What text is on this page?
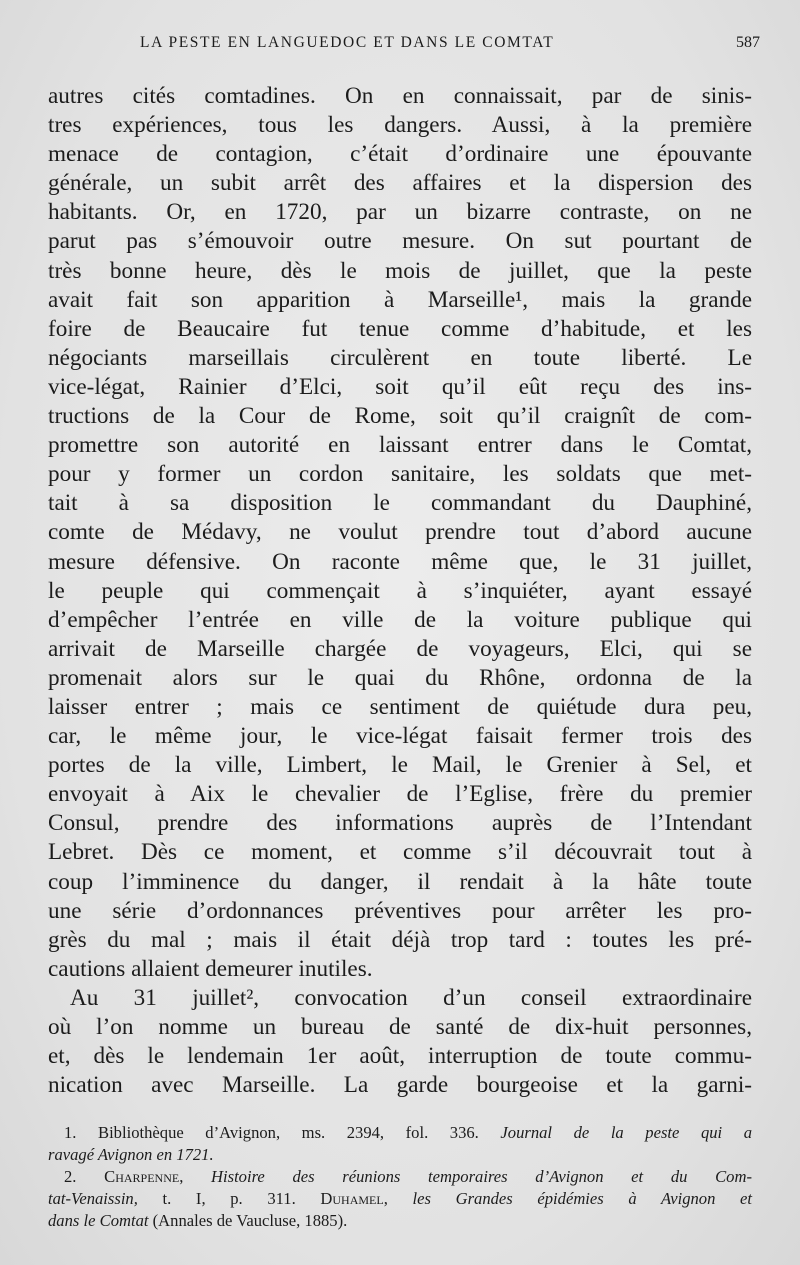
LA PESTE EN LANGUEDOC ET DANS LE COMTAT	587
autres cités comtadines. On en connaissait, par de sinis-
tres expériences, tous les dangers. Aussi, à la première
menace de contagion, c’était d’ordinaire une épouvante
générale, un subit arrêt des affaires et la dispersion des
habitants. Or, en 1720, par un bizarre contraste, on ne
parut pas s’émouvoir outre mesure. On sut pourtant de
très bonne heure, dès le mois de juillet, que la peste
avait fait son apparition à Marseille¹, mais la grande
foire de Beaucaire fut tenue comme d’habitude, et les
négociants marseillais circulèrent en toute liberté. Le
vice-légat, Rainier d’Elci, soit qu’il eût reçu des ins-
tructions de la Cour de Rome, soit qu’il craignît de com-
promettre son autorité en laissant entrer dans le Comtat,
pour y former un cordon sanitaire, les soldats que met-
tait à sa disposition le commandant du Dauphiné,
comte de Médavy, ne voulut prendre tout d’abord aucune
mesure défensive. On raconte même que, le 31 juillet,
le peuple qui commençait à s’inquiéter, ayant essayé
d’empêcher l’entrée en ville de la voiture publique qui
arrivait de Marseille chargée de voyageurs, Elci, qui se
promenait alors sur le quai du Rhône, ordonna de la
laisser entrer ; mais ce sentiment de quiétude dura peu,
car, le même jour, le vice-légat faisait fermer trois des
portes de la ville, Limbert, le Mail, le Grenier à Sel, et
envoyait à Aix le chevalier de l’Eglise, frère du premier
Consul, prendre des informations auprès de l’Intendant
Lebret. Dès ce moment, et comme s’il découvrait tout à
coup l’imminence du danger, il rendait à la hâte toute
une série d’ordonnances préventives pour arrêter les pro-
grès du mal ; mais il était déjà trop tard : toutes les pré-
cautions allaient demeurer inutiles.
Au 31 juillet², convocation d’un conseil extraordinaire
où l’on nomme un bureau de santé de dix-huit personnes,
et, dès le lendemain 1er août, interruption de toute commu-
nication avec Marseille. La garde bourgeoise et la garni-
1. Bibliothèque d’Avignon, ms. 2394, fol. 336. Journal de la peste qui a
ravagé Avignon en 1721.
2. Charpenne, Histoire des réunions temporaires d’Avignon et du Com-
tat-Venaissin, t. I, p. 311. Duhamel, les Grandes épidémies à Avignon et
dans le Comtat (Annales de Vaucluse, 1885).
